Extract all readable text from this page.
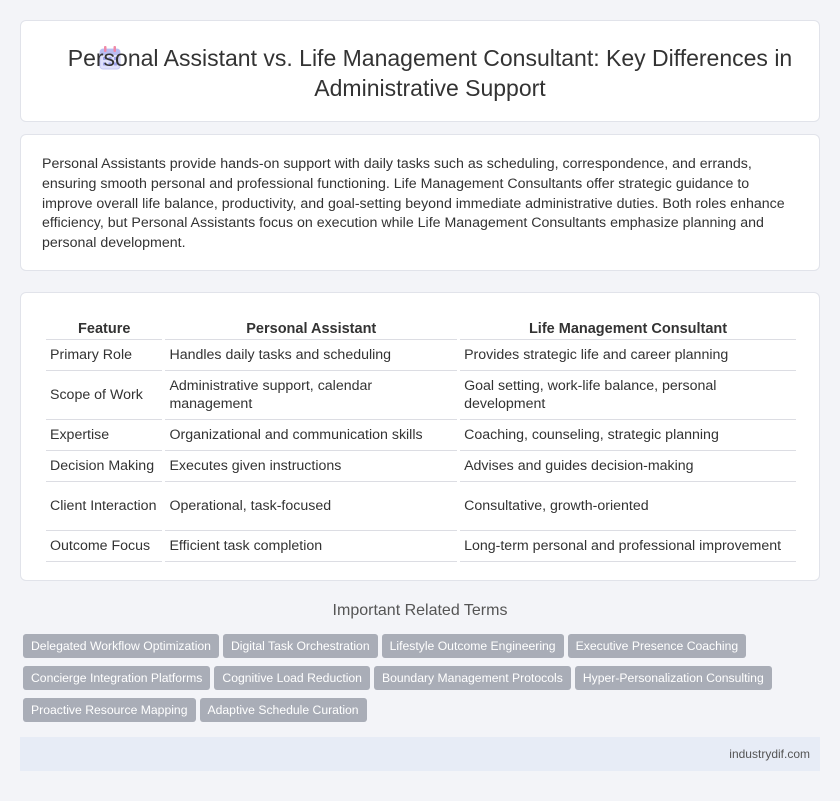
Personal Assistant vs. Life Management Consultant: Key Differences in Administrative Support

Personal Assistants provide hands-on support with daily tasks such as scheduling, correspondence, and errands, ensuring smooth personal and professional functioning. Life Management Consultants offer strategic guidance to improve overall life balance, productivity, and goal-setting beyond immediate administrative duties. Both roles enhance efficiency, but Personal Assistants focus on execution while Life Management Consultants emphasize planning and personal development.

Feature	Personal Assistant	Life Management Consultant
Primary Role	Handles daily tasks and scheduling	Provides strategic life and career planning
Scope of Work	Administrative support, calendar management	Goal setting, work-life balance, personal development
Expertise	Organizational and communication skills	Coaching, counseling, strategic planning
Decision Making	Executes given instructions	Advises and guides decision-making
Client Interaction	Operational, task-focused	Consultative, growth-oriented
Outcome Focus	Efficient task completion	Long-term personal and professional improvement
Important Related Terms
Delegated Workflow Optimization Digital Task Orchestration Lifestyle Outcome Engineering Executive Presence Coaching
Concierge Integration Platforms Cognitive Load Reduction Boundary Management Protocols Hyper-Personalization Consulting
Proactive Resource Mapping Adaptive Schedule Curation
industrydif.com
